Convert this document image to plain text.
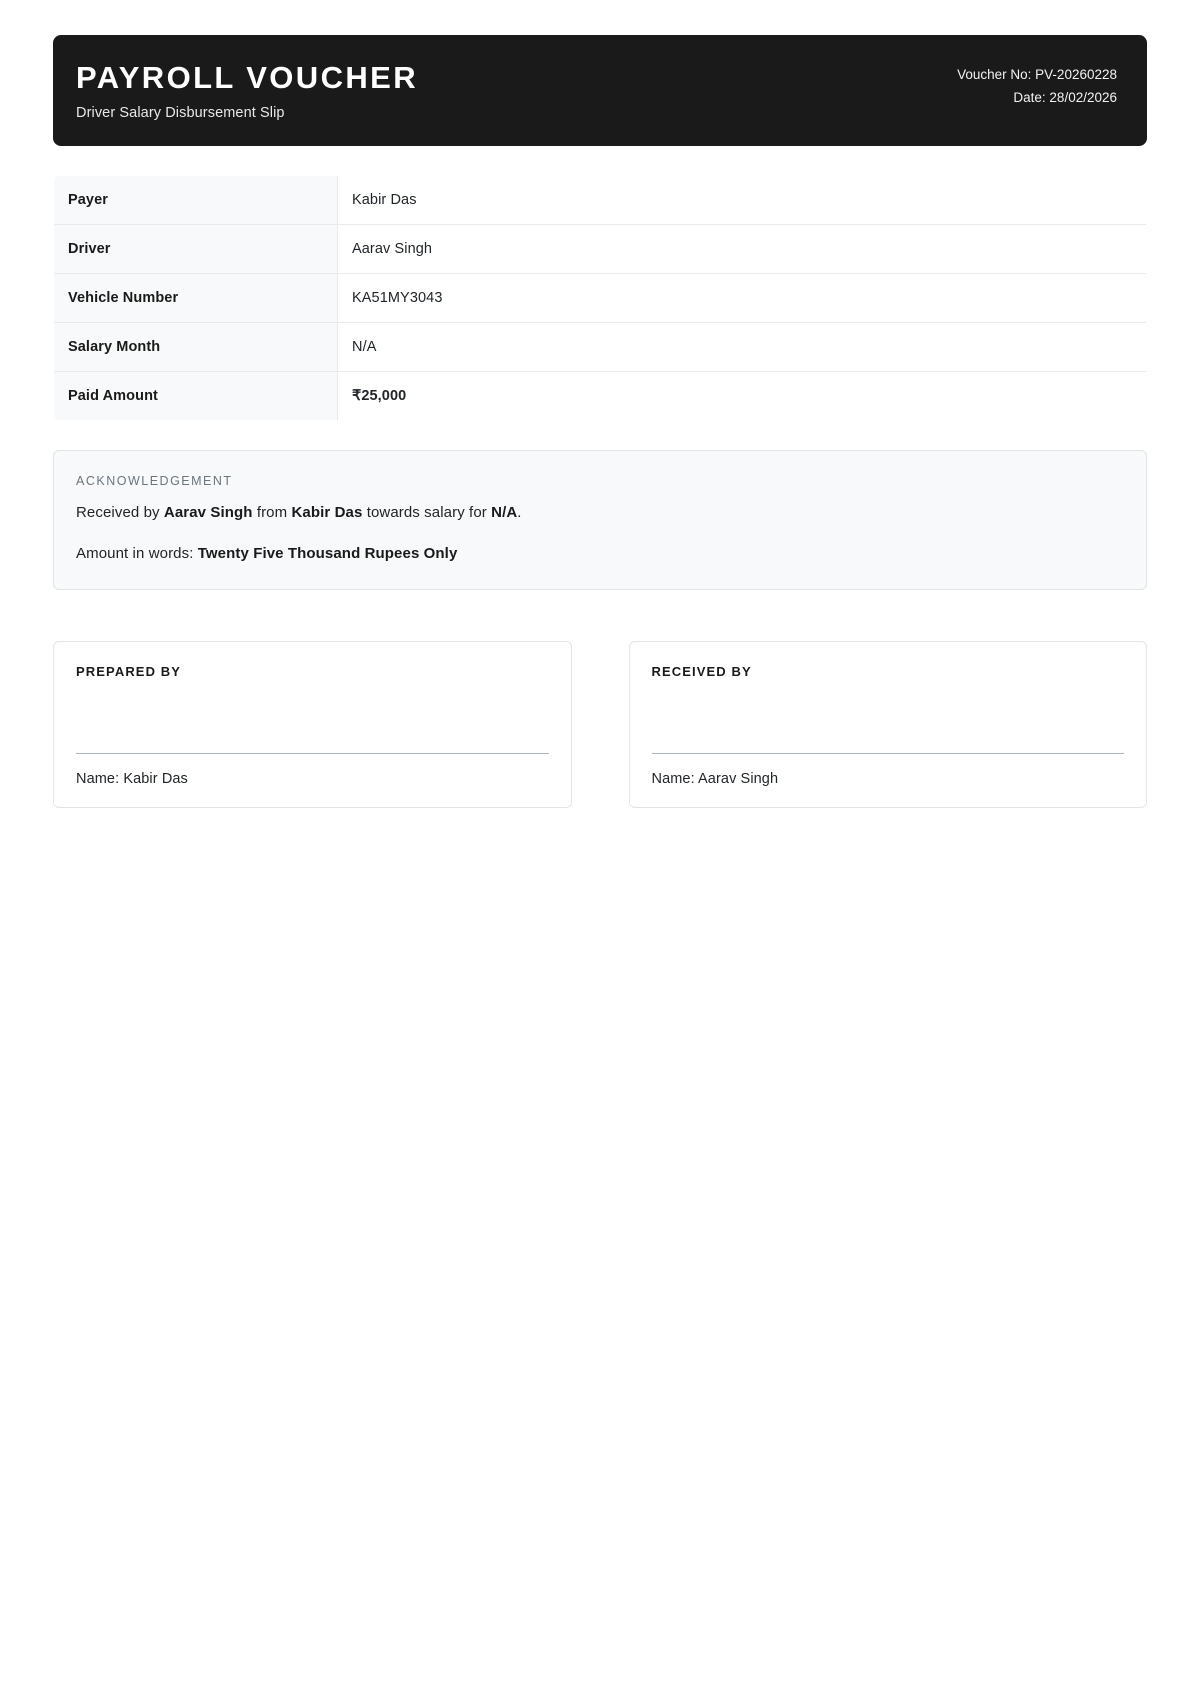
PAYROLL VOUCHER
Driver Salary Disbursement Slip
Voucher No: PV-20260228
Date: 28/02/2026
Payer	Kabir Das
Driver	Aarav Singh
Vehicle Number	KA51MY3043
Salary Month	N/A
Paid Amount	₹25,000
ACKNOWLEDGEMENT
Received by Aarav Singh from Kabir Das towards salary for N/A.
Amount in words: Twenty Five Thousand Rupees Only
PREPARED BY
Name: Kabir Das
RECEIVED BY
Name: Aarav Singh
